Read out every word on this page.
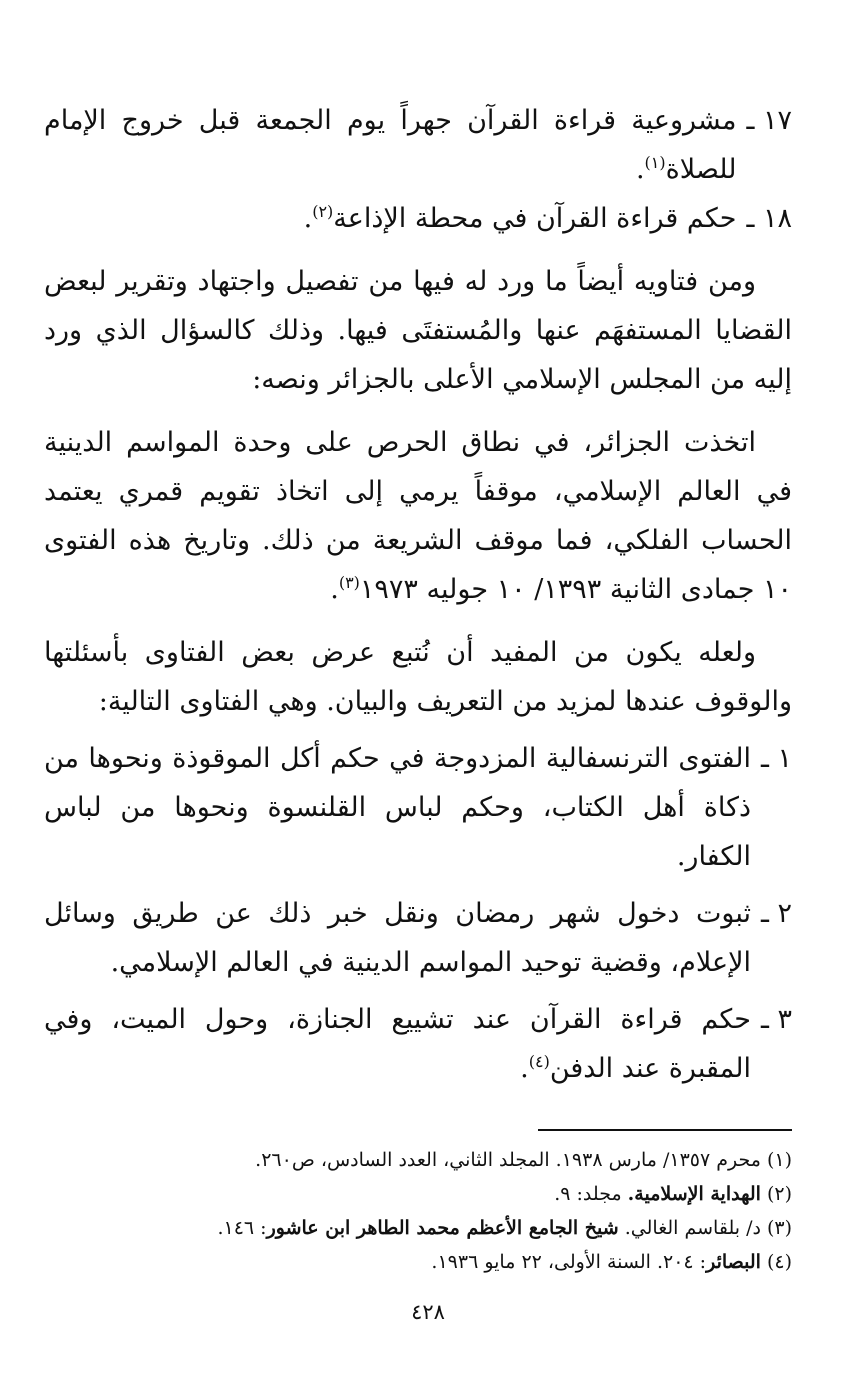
١٧ ـ
مشروعية قراءة القرآن جهراً يوم الجمعة قبل خروج الإمام للصلاة$^{(١)}$.
١٨ ـ
حكم قراءة القرآن في محطة الإذاعة$^{(٢)}$.
ومن فتاويه أيضاً ما ورد له فيها من تفصيل واجتهاد وتقرير لبعض القضايا المستفهَم عنها والمُستفتَى فيها. وذلك كالسؤال الذي ورد إليه من المجلس الإسلامي الأعلى بالجزائر ونصه:
اتخذت الجزائر، في نطاق الحرص على وحدة المواسم الدينية في العالم الإسلامي، موقفاً يرمي إلى اتخاذ تقويم قمري يعتمد الحساب الفلكي، فما موقف الشريعة من ذلك. وتاريخ هذه الفتوى ١٠ جمادى الثانية ١٣٩٣/ ١٠ جوليه ١٩٧٣$^{(٣)}$.
ولعله يكون من المفيد أن نُتبع عرض بعض الفتاوى بأسئلتها والوقوف عندها لمزيد من التعريف والبيان. وهي الفتاوى التالية:
١ ـ
الفتوى الترنسفالية المزدوجة في حكم أكل الموقوذة ونحوها من ذكاة أهل الكتاب، وحكم لباس القلنسوة ونحوها من لباس الكفار.
٢ ـ
ثبوت دخول شهر رمضان ونقل خبر ذلك عن طريق وسائل الإعلام، وقضية توحيد المواسم الدينية في العالم الإسلامي.
٣ ـ
حكم قراءة القرآن عند تشييع الجنازة، وحول الميت، وفي المقبرة عند الدفن$^{(٤)}$.
(١)محرم ١٣٥٧/ مارس ١٩٣٨. المجلد الثاني، العدد السادس، ص٢٦٠.
(٢)الهداية الإسلامية. مجلد: ٩.
(٣)د/ بلقاسم الغالي. شيخ الجامع الأعظم محمد الطاهر ابن عاشور: ١٤٦.
(٤)البصائر: ٢٠٤. السنة الأولى، ٢٢ مايو ١٩٣٦.
٤٢٨
